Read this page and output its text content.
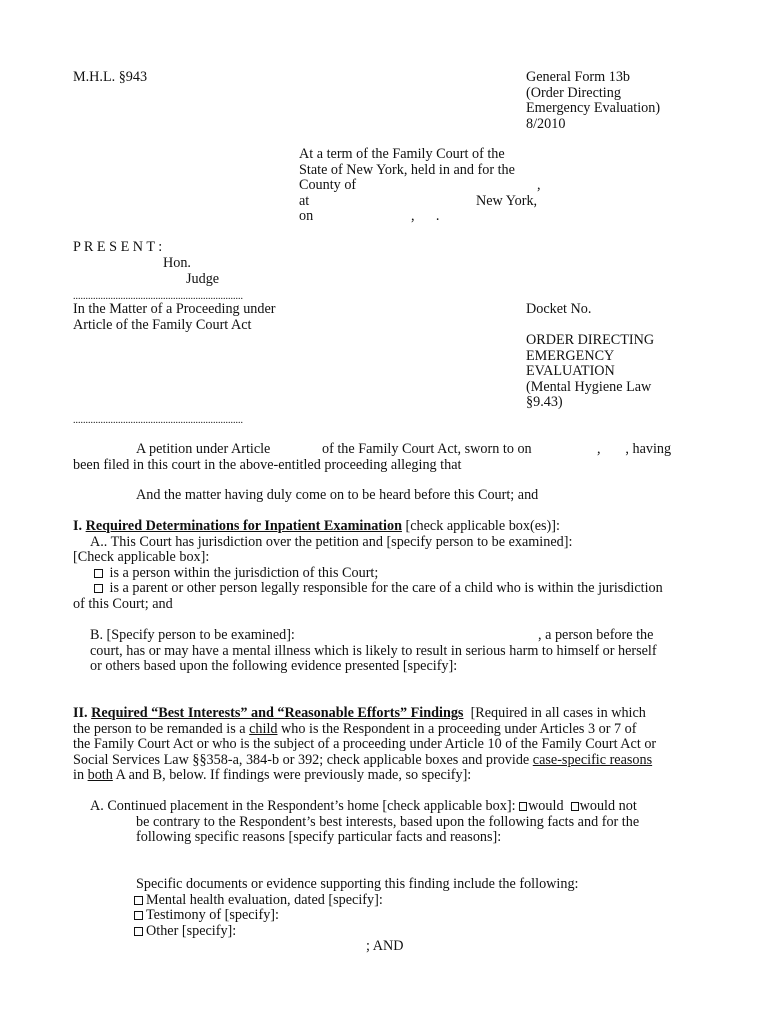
M.H.L. §943	General Form 13b
(Order Directing
Emergency Evaluation)
8/2010
At a term of the Family Court of the
State of New York, held in and for the
County of	,
at	New York,
on	,      .
P R E S E N T :
Hon.
Judge
....................................................................
In the Matter of a Proceeding under
Article of the Family Court Act
Docket No.
ORDER DIRECTING
EMERGENCY
EVALUATION
(Mental Hygiene Law
§9.43)
....................................................................
A petition under Article	of the Family Court Act, sworn to on	,       , having
been filed in this court in the above-entitled proceeding alleging that
And the matter having duly come on to be heard before this Court; and
I. Required Determinations for Inpatient Examination [check applicable box(es)]:
A.. This Court has jurisdiction over the petition and [specify person to be examined]:
[Check applicable box]:
is a person within the jurisdiction of this Court;
is a parent or other person legally responsible for the care of a child who is within the jurisdiction
of this Court; and
B. [Specify person to be examined]:	, a person before the
court, has or may have a mental illness which is likely to result in serious harm to himself or herself
or others based upon the following evidence presented [specify]:
II. Required “Best Interests” and “Reasonable Efforts” Findings [Required in all cases in which
the person to be remanded is a child who is the Respondent in a proceeding under Articles 3 or 7 of
the Family Court Act or who is the subject of a proceeding under Article 10 of the Family Court Act or
Social Services Law §§358-a, 384-b or 392; check applicable boxes and provide case-specific reasons
in both A and B, below. If findings were previously made, so specify]:
A. Continued placement in the Respondent’s home [check applicable box]: would would not
be contrary to the Respondent’s best interests, based upon the following facts and for the
following specific reasons [specify particular facts and reasons]:
Specific documents or evidence supporting this finding include the following:
Mental health evaluation, dated [specify]:
Testimony of [specify]:
Other [specify]:
; AND
